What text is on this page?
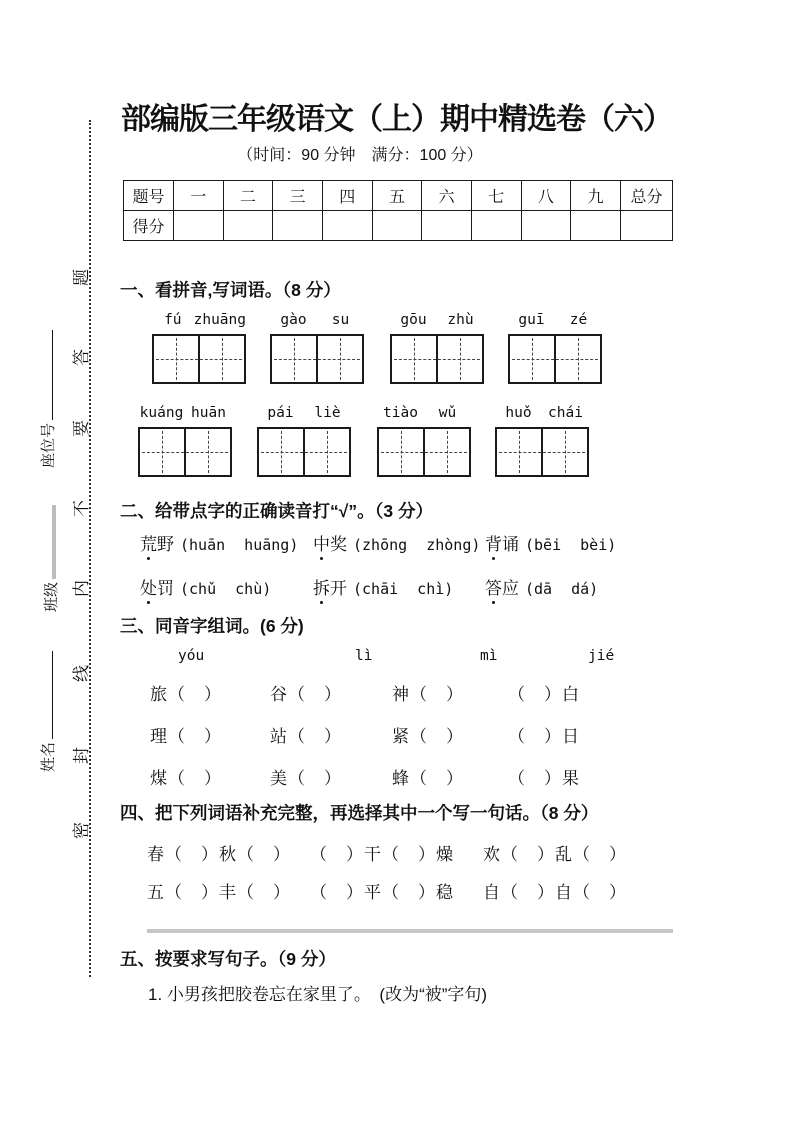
姓名
班级
座位号
密
封
线
内
不
要
答
题
部编版三年级语文（上）期中精选卷（六）
（时间：90 分钟　满分：100 分）
题号	一	二	三	四	五	六	七	八	九	总分
得分										
一、看拼音,写词语。（8 分）
fú zhuāng	gào	su	gōu	zhù	guī	zé
kuáng huān	pái	liè	tiào	wǔ	huǒ	chái
二、给带点字的正确读音打“√”。（3 分）
荒野 (huān huāng) 中奖 (zhōng zhòng) 背诵 (bēi bèi)
处罚 (chǔ chù) 拆开 (chāi chì) 答应 (dā dá)
三、同音字组词。(6 分)
yóu	lì	mì	jié
旅（　）	谷（　）	神（　）	（　）白
理（　）	站（　）	紧（　）	（　）日
煤（　）	美（　）	蜂（　）	（　）果
四、把下列词语补充完整，再选择其中一个写一句话。（8 分）
春（　）秋（　） （　）干（　）燥 欢（　）乱（　）
五（　）丰（　） （　）平（　）稳 自（　）自（　）
五、按要求写句子。（9 分）
1. 小男孩把胶卷忘在家里了。　 (改为“被”字句)
